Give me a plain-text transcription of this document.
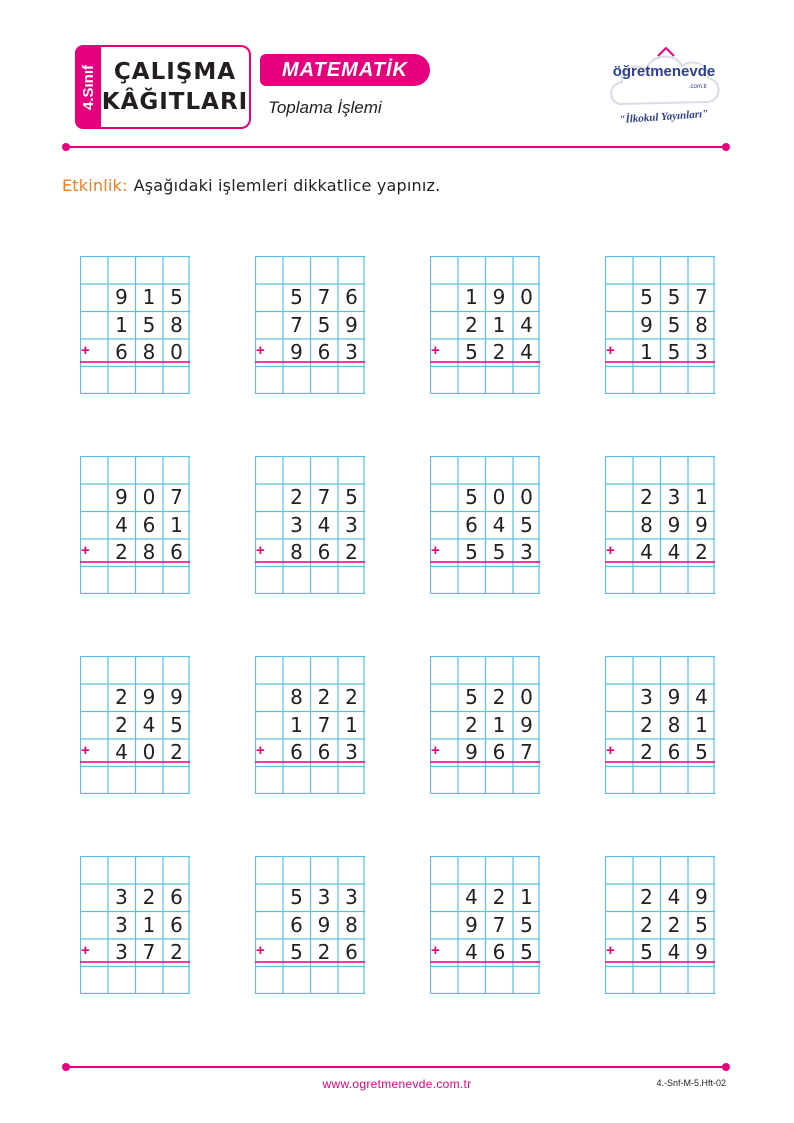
4.Sınıf ÇALIŞMA
KÂĞITLARI
MATEMATİK
Toplama İşlemi
öğretmenevde
.com.tr
"İlkokul Yayınları"
Etkinlik: Aşağıdaki işlemleri dikkatlice yapınız.
9 1 5
1 5 8
6 8 0
+
5 7 6
7 5 9
9 6 3
+
1 9 0
2 1 4
5 2 4
+
5 5 7
9 5 8
1 5 3
+
9 0 7
4 6 1
2 8 6
+
2 7 5
3 4 3
8 6 2
+
5 0 0
6 4 5
5 5 3
+
2 3 1
8 9 9
4 4 2
+
2 9 9
2 4 5
4 0 2
+
8 2 2
1 7 1
6 6 3
+
5 2 0
2 1 9
9 6 7
+
3 9 4
2 8 1
2 6 5
+
3 2 6
3 1 6
3 7 2
+
5 3 3
6 9 8
5 2 6
+
4 2 1
9 7 5
4 6 5
+
2 4 9
2 2 5
5 4 9
+
www.ogretmenevde.com.tr	4.-Snf-M-5.Hft-02
